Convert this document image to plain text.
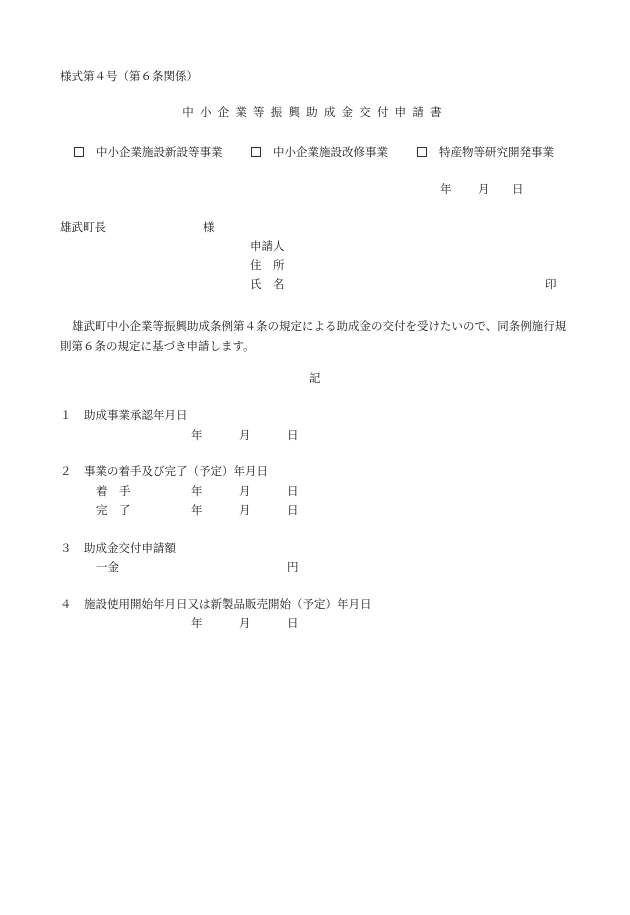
様式第４号（第６条関係）
中小企業等振興助成金交付申請書
中小企業施設新設等事業	中小企業施設改修事業	特産物等研究開発事業
年 月 日
雄武町長	様
申請人
住　所
氏　名	印
雄武町中小企業等振興助成条例第４条の規定による助成金の交付を受けたいので、同条例施行規則第６条の規定に基づき申請します。
記
１ 助成事業承認年月日
年	月	日
２ 事業の着手及び完了（予定）年月日
着　手	年	月	日
完　了	年	月	日
３ 助成金交付申請額
一金	円
４ 施設使用開始年月日又は新製品販売開始（予定）年月日
年	月	日
